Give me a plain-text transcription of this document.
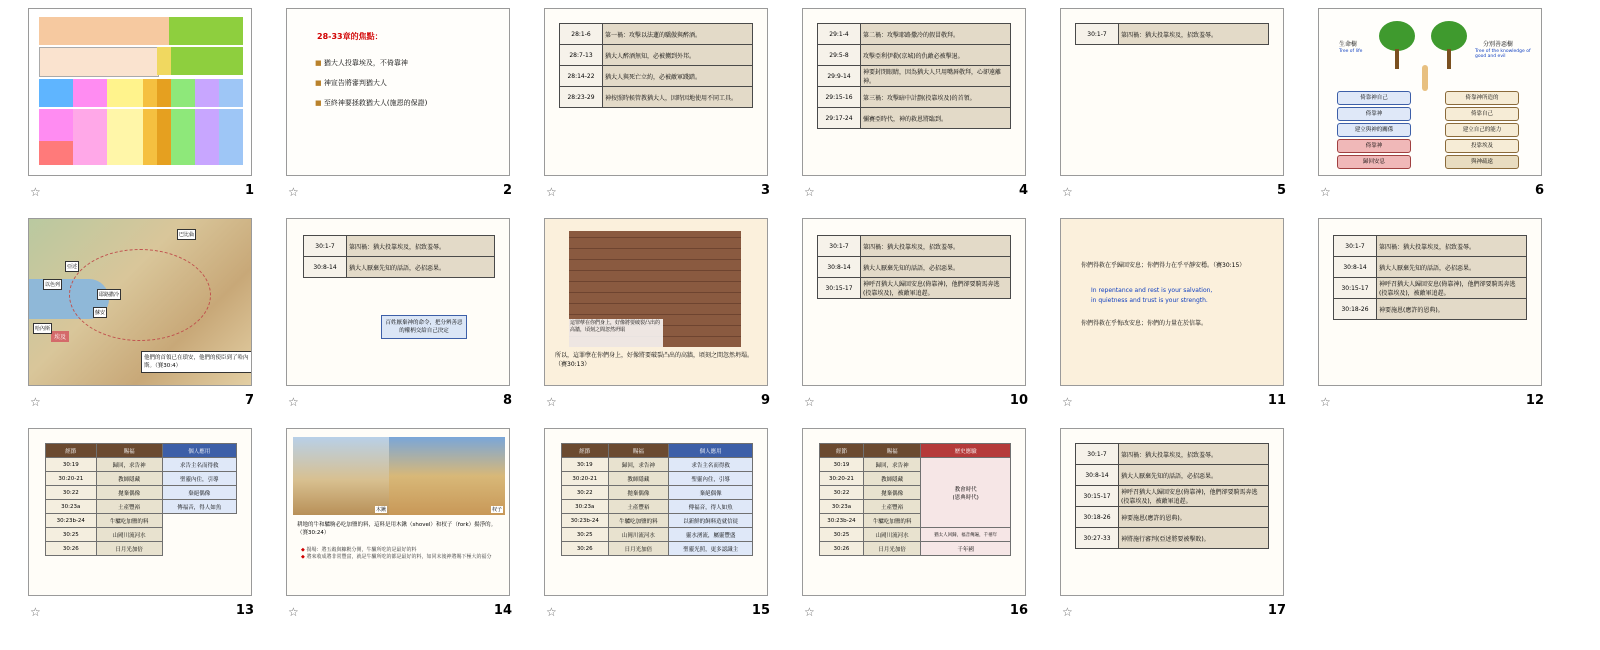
☆	1
28-33章的焦點：
■ 猶大人投靠埃及，不倚靠神
■ 神宣告將審判猶大人
■ 至終神要拯救猶大人(施恩的保證)
☆	2
28:1-6	第一禍：攻擊以法蓮的驕傲與醉酒。
28:7-13	猶大人醉酒無知，必被擄到外邦。
28:14-22	猶大人與死亡立約，必被敵軍踐踏。
28:23-29	神按照時候管教猶大人，因時因地使用不同工具。
☆	3
29:1-4	第二禍：攻擊耶路撒冷的假冒敬拜。
29:5-8	攻擊亞利伊勒(京城)的仇敵必被擊退。
29:9-14	神要封閉眼睛，因為猶大人只用嘴唇敬拜，心卻遠離神。
29:15-16	第三禍：攻擊暗中計劃(投靠埃及)的首領。
29:17-24	彌賽亞時代，神的救恩將臨到。
☆	4
30:1-7	第四禍：猶大投靠埃及，招致羞辱。
☆	5
生命樹
Tree of life
分別善惡樹
Tree of the knowledge of good and evil
倚靠神自己
倚靠神
建立與神的關係
倚靠神
歸回安息
倚靠神所造的
倚靠自己
建立自己的能力
投靠埃及
與神疏遠
☆	6
巴比倫
亞述
埃及
以色列
耶路撒冷
蘇安
哈內斯
他們的首領已在瑣安，他們的使臣到了哈內斯。（賽30:4）
☆	7
30:1-7	第四禍：猶大投靠埃及，招致羞辱。
30:8-14	猶大人厭棄先知的話語，必招惡果。
百姓厭棄神的命令，把分辨善惡的權柄交給自己決定
☆	8
這罪孽在你們身上，好像將要破裂凸出的高牆，頃刻之間忽然坍塌
所以，這罪孽在你們身上，好像將要破裂凸出的高牆，頃刻之間忽然坍塌。（賽30:13）
☆	9
30:1-7	第四禍：猶大投靠埃及，招致羞辱。
30:8-14	猶大人厭棄先知的話語，必招惡果。
30:15-17	神呼召猶大人歸回安息(倚靠神)，他們卻要騎馬奔逃(投靠埃及)，被敵軍追趕。
☆	10
你們得救在乎歸回安息；你們得力在乎平靜安穩。（賽30:15）
In repentance and rest is your salvation,
in quietness and trust is your strength.
你們得救在乎悔改安息；你們的力量在於信靠。
☆	11
30:1-7	第四禍：猶大投靠埃及，招致羞辱。
30:8-14	猶大人厭棄先知的話語，必招惡果。
30:15-17	神呼召猶大人歸回安息(倚靠神)，他們卻要騎馬奔逃(投靠埃及)，被敵軍追趕。
30:18-26	神要施恩(應許的恩典)。
☆	12
經節	賜福	個人應用
30:19	歸回，求告神	求告主名而得救
30:20-21	教師隱藏	聖靈內住，引導
30:22	拋棄偶像	棄絕偶像
30:23a	土產豐裕	傳福音，得人如魚
30:23b-24	牛驢吃加鹽的料	
30:25	山岡川流河水	
30:26	日月光加倍	
☆	13
木鍬	杈子
耕地的牛和驢駒必吃加鹽的料，這料是用木鍬（shovel）和杈子（fork）揚淨的。（賽30:24）
◆ 揚場：將五穀與糠粃分開，牛驢所吃的是最好的料
◆ 將來收成將非常豐富，就是牛驢所吃的都是最好的料，如同末後神將賜下極大的福分
☆	14
經節	賜福	個人應用
30:19	歸回，求告神	求告主名而得救
30:20-21	教師隱藏	聖靈內住，引導
30:22	拋棄偶像	棄絕偶像
30:23a	土產豐裕	傳福音，得人如魚
30:23b-24	牛驢吃加鹽的料	以新鮮的飼料造就信徒
30:25	山岡川流河水	靈水湧流，屬靈豐盛
30:26	日月光加倍	聖靈光照，更多認識主
☆	15
經節	賜福	歷史應驗
30:19	歸回，求告神	教會時代
(恩典時代)
30:20-21	教師隱藏	
30:22	拋棄偶像	
30:23a	土產豐裕	
30:23b-24	牛驢吃加鹽的料	
30:25	山岡川流河水	猶太人回歸，福音傳遍，千禧年
30:26	日月光加倍	千年國
☆	16
30:1-7	第四禍：猶大投靠埃及，招致羞辱。
30:8-14	猶大人厭棄先知的話語，必招惡果。
30:15-17	神呼召猶大人歸回安息(倚靠神)，他們卻要騎馬奔逃(投靠埃及)，被敵軍追趕。
30:18-26	神要施恩(應許的恩典)。
30:27-33	神將施行審判(亞述將要被擊敗)。
☆	17
